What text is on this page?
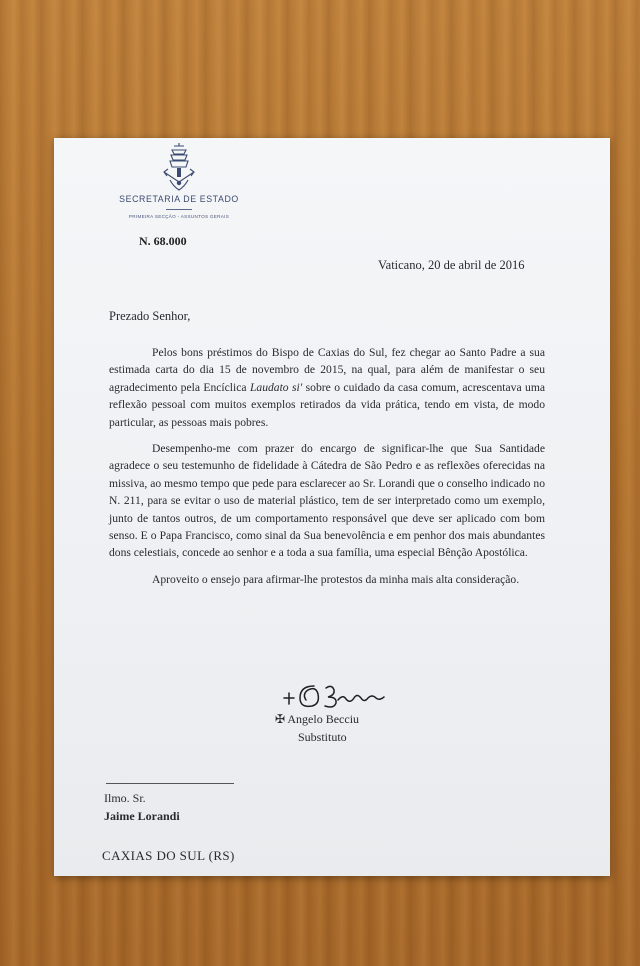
SECRETARIA DE ESTADO
PRIMEIRA SECÇÃO - ASSUNTOS GERAIS
N. 68.000
Vaticano, 20 de abril de 2016
Prezado Senhor,

Pelos bons préstimos do Bispo de Caxias do Sul, fez chegar ao Santo Padre a sua estimada carta do dia 15 de novembro de 2015, na qual, para além de manifestar o seu agradecimento pela Encíclica Laudato si' sobre o cuidado da casa comum, acrescentava uma reflexão pessoal com muitos exemplos retirados da vida prática, tendo em vista, de modo particular, as pessoas mais pobres.

Desempenho-me com prazer do encargo de significar-lhe que Sua Santidade agradece o seu testemunho de fidelidade à Cátedra de São Pedro e as reflexões oferecidas na missiva, ao mesmo tempo que pede para esclarecer ao Sr. Lorandi que o conselho indicado no N. 211, para se evitar o uso de material plástico, tem de ser interpretado como um exemplo, junto de tantos outros, de um comportamento responsável que deve ser aplicado com bom senso. E o Papa Francisco, como sinal da Sua benevolência e em penhor dos mais abundantes dons celestiais, concede ao senhor e a toda a sua família, uma especial Bênção Apostólica.

Aproveito o ensejo para afirmar-lhe protestos da minha mais alta consideração.

✠ Angelo Becciu
Substituto
Ilmo. Sr.
Jaime Lorandi
CAXIAS DO SUL (RS)
